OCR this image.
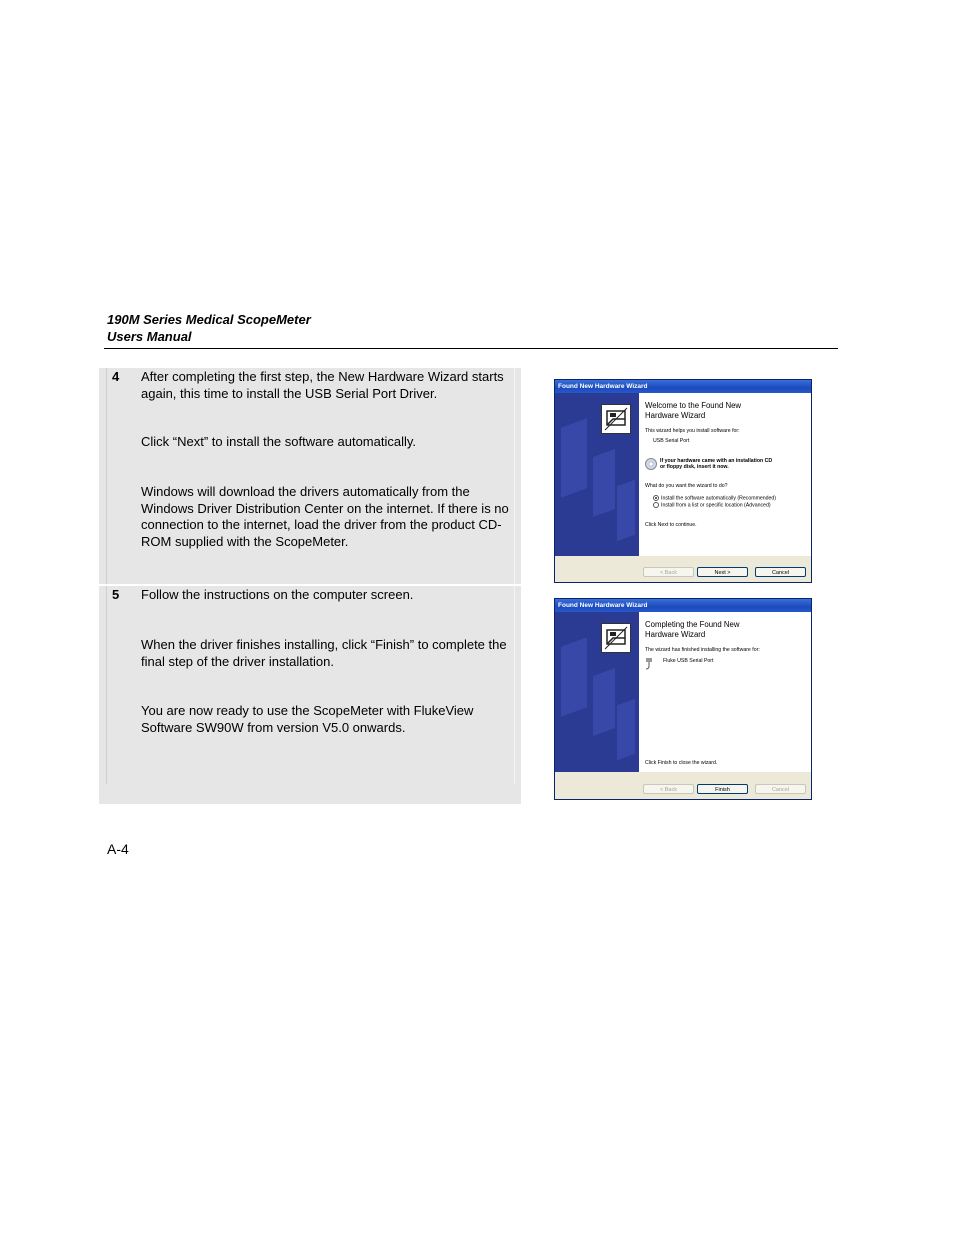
190M Series Medical ScopeMeter
Users Manual
4 After completing the first step, the New Hardware Wizard starts again, this time to install the USB Serial Port Driver.
Click “Next” to install the software automatically.
Windows will download the drivers automatically from the Windows Driver Distribution Center on the internet. If there is no connection to the internet, load the driver from the product CD-ROM supplied with the ScopeMeter.
5 Follow the instructions on the computer screen.
When the driver finishes installing, click “Finish” to complete the final step of the driver installation.
You are now ready to use the ScopeMeter with FlukeView Software SW90W from version V5.0 onwards.
Found New Hardware Wizard
Welcome to the Found New
Hardware Wizard
This wizard helps you install software for:
USB Serial Port
If your hardware came with an installation CD
or floppy disk, insert it now.
What do you want the wizard to do?
Install the software automatically (Recommended)
Install from a list or specific location (Advanced)
Click Next to continue.
< Back	Next >	Cancel
Found New Hardware Wizard
Completing the Found New
Hardware Wizard
The wizard has finished installing the software for:
Fluke USB Serial Port
Click Finish to close the wizard.
< Back	Finish	Cancel
A-4
